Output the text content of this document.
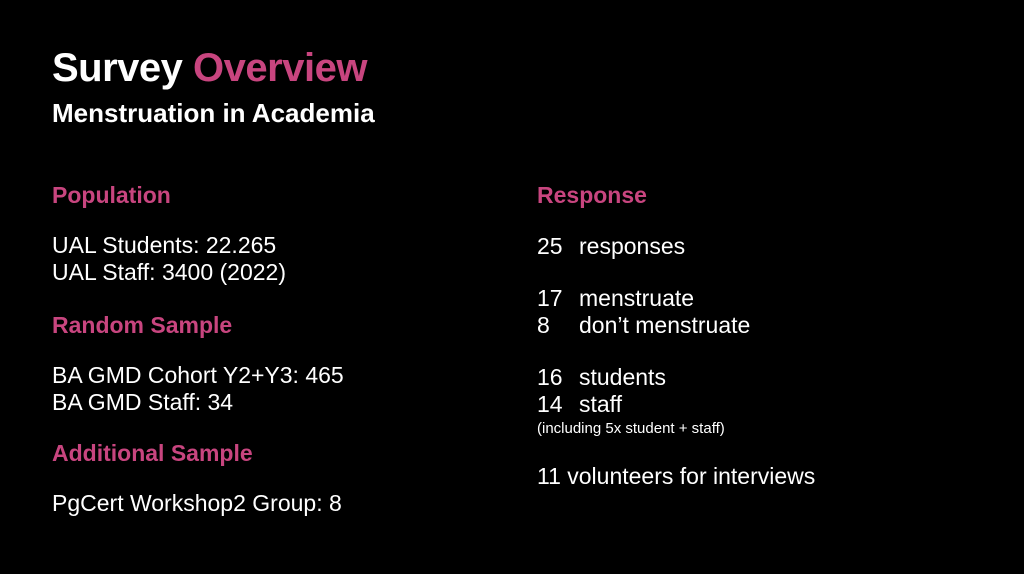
Survey Overview
Menstruation in Academia
Population

UAL Students: 22.265

UAL Staff: 3400 (2022)

Random Sample

BA GMD Cohort Y2+Y3: 465

BA GMD Staff: 34

Additional Sample

PgCert Workshop2 Group: 8

Response
25 responses
17 menstruate
8 don’t menstruate
16 students
14 staff

(including 5x student + staff)

11 volunteers for interviews
